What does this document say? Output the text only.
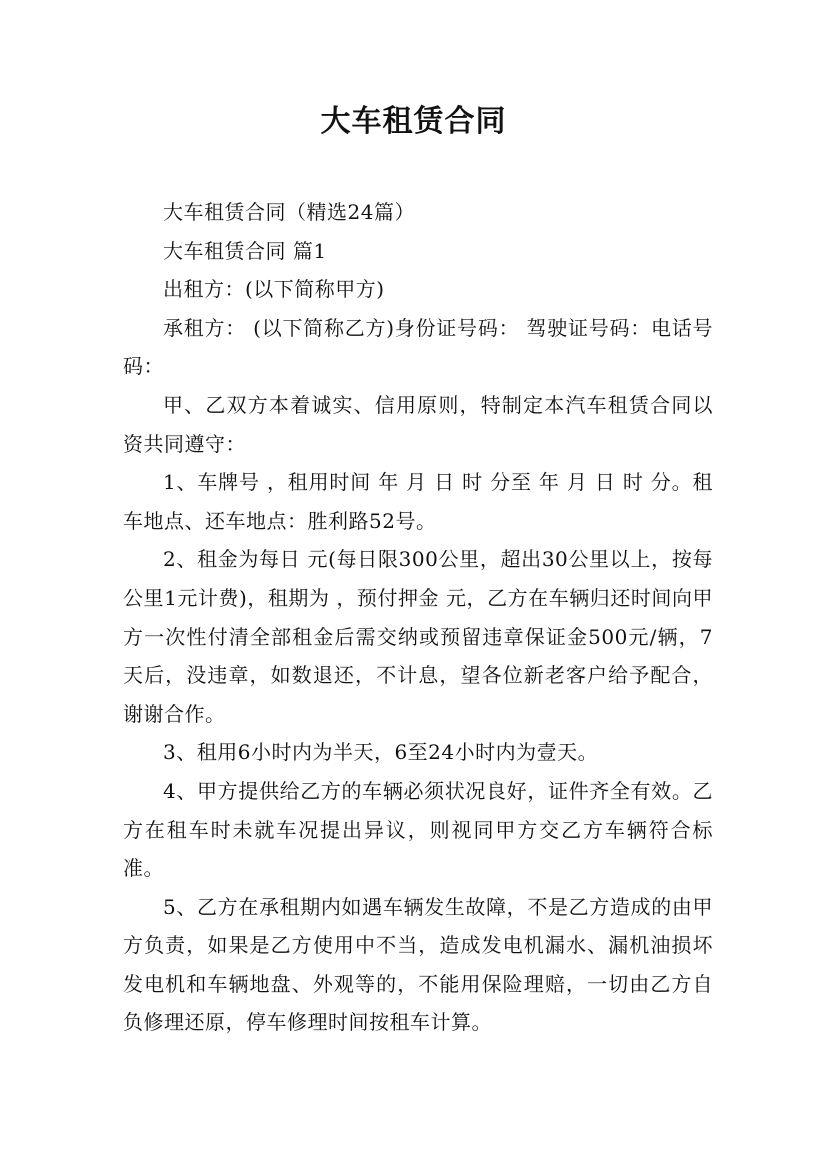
大车租赁合同

大车租赁合同（精选24篇）

大车租赁合同 篇1

出租方：(以下简称甲方)

承租方： (以下简称乙方)身份证号码： 驾驶证号码：电话号码：

甲、乙双方本着诚实、信用原则，特制定本汽车租赁合同以资共同遵守：

1、车牌号 ，租用时间 年 月 日 时 分至 年 月 日 时 分。租车地点、还车地点：胜利路52号。

2、租金为每日 元(每日限300公里，超出30公里以上，按每公里1元计费)，租期为 ，预付押金 元，乙方在车辆归还时间向甲方一次性付清全部租金后需交纳或预留违章保证金500元/辆，7天后，没违章，如数退还，不计息，望各位新老客户给予配合，谢谢合作。

3、租用6小时内为半天，6至24小时内为壹天。

4、甲方提供给乙方的车辆必须状况良好，证件齐全有效。乙方在租车时未就车况提出异议，则视同甲方交乙方车辆符合标准。

5、乙方在承租期内如遇车辆发生故障，不是乙方造成的由甲方负责，如果是乙方使用中不当，造成发电机漏水、漏机油损坏发电机和车辆地盘、外观等的，不能用保险理赔，一切由乙方自负修理还原，停车修理时间按租车计算。
